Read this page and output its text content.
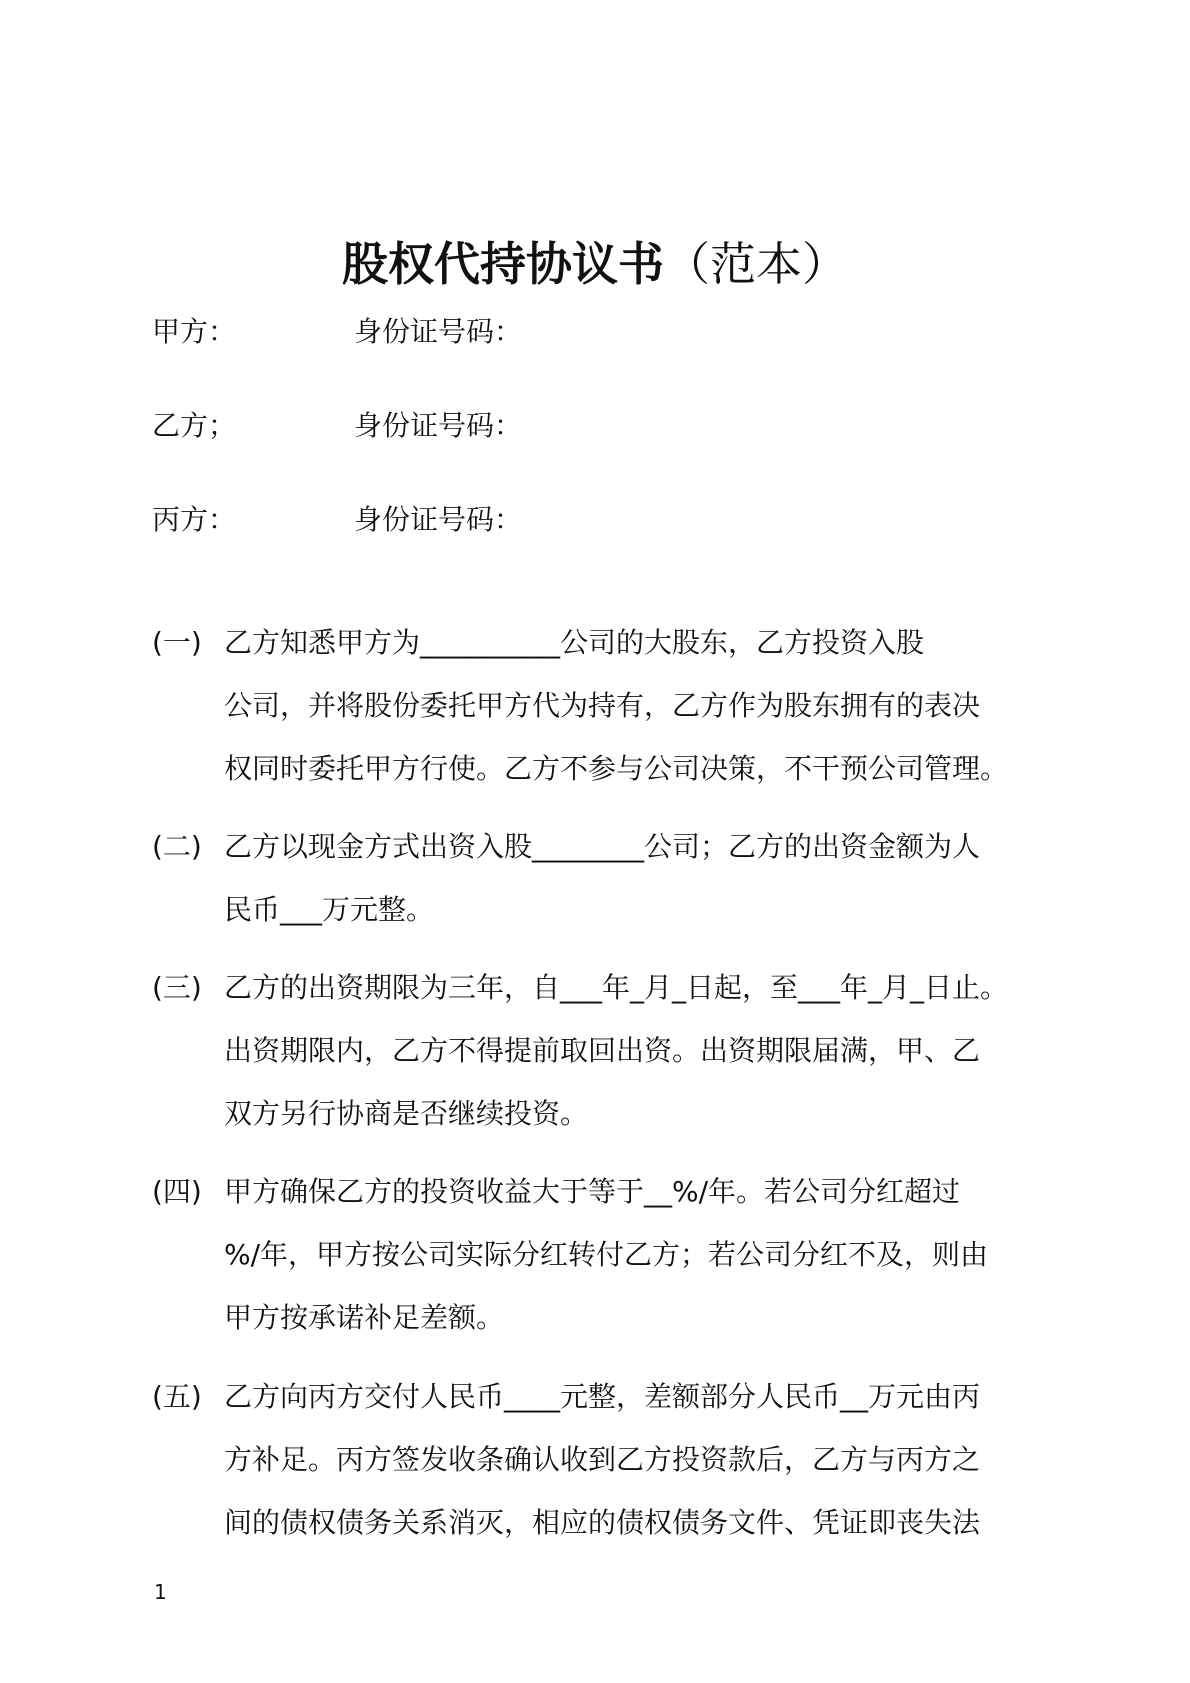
股权代持协议书（范本）
甲方：	身份证号码：
乙方；	身份证号码：
丙方：	身份证号码：
(一) 乙方知悉甲方为__________公司的大股东，乙方投资入股
公司，并将股份委托甲方代为持有，乙方作为股东拥有的表决
权同时委托甲方行使。乙方不参与公司决策，不干预公司管理。
(二) 乙方以现金方式出资入股________公司；乙方的出资金额为人
民币___万元整。
(三) 乙方的出资期限为三年，自___年_月_日起，至___年_月_日止。
出资期限内，乙方不得提前取回出资。出资期限届满，甲、乙
双方另行协商是否继续投资。
(四) 甲方确保乙方的投资收益大于等于__%/年。若公司分红超过
%/年，甲方按公司实际分红转付乙方；若公司分红不及，则由
甲方按承诺补足差额。
(五) 乙方向丙方交付人民币____元整，差额部分人民币__万元由丙
方补足。丙方签发收条确认收到乙方投资款后，乙方与丙方之
间的债权债务关系消灭，相应的债权债务文件、凭证即丧失法
1
